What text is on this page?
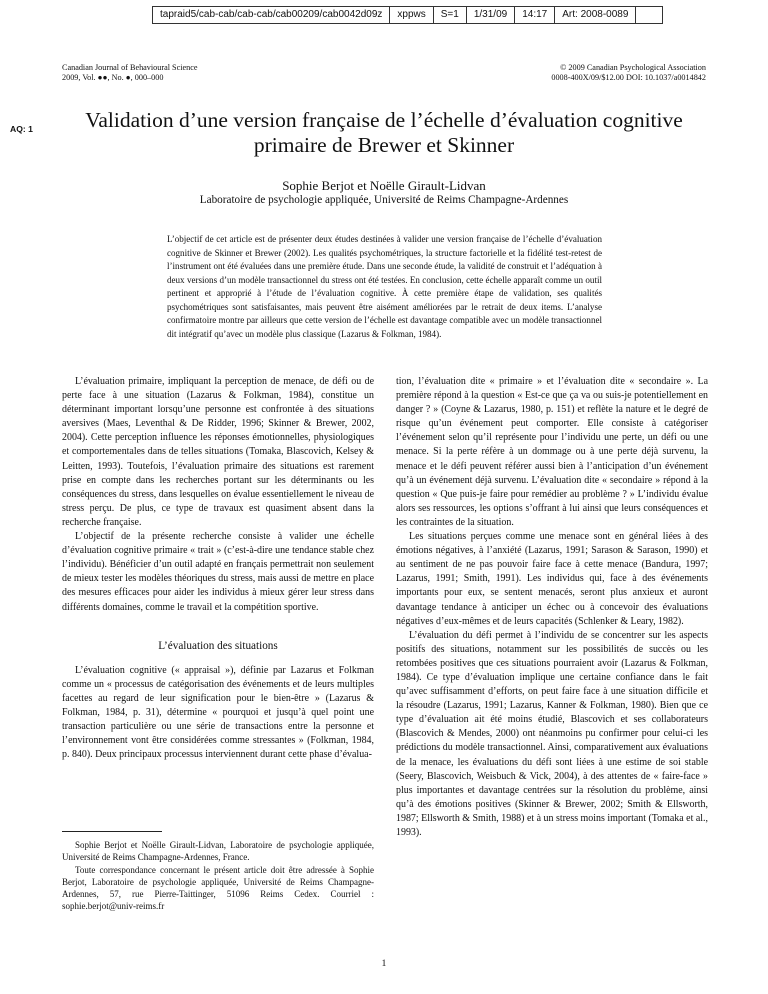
tapraid5/cab-cab/cab-cab/cab00209/cab0042d09z	xppws	S=1	1/31/09	14:17	Art: 2008-0089
Canadian Journal of Behavioural Science
2009, Vol. ●●, No. ●, 000–000
© 2009 Canadian Psychological Association
0008-400X/09/$12.00 DOI: 10.1037/a0014842
AQ: 1	Validation d’une version française de l’échelle d’évaluation cognitive primaire de Brewer et Skinner
Sophie Berjot et Noëlle Girault-Lidvan
Laboratoire de psychologie appliquée, Université de Reims Champagne-Ardennes

L’objectif de cet article est de présenter deux études destinées à valider une version française de l’échelle d’évaluation cognitive de Skinner et Brewer (2002). Les qualités psychométriques, la structure factorielle et la fidélité test-retest de l’instrument ont été évaluées dans une première étude. Dans une seconde étude, la validité de construit et l’adéquation à deux versions d’un modèle transactionnel du stress ont été testées. En conclusion, cette échelle apparaît comme un outil pertinent et approprié à l’étude de l’évaluation cognitive. À cette première étape de validation, ses qualités psychométriques sont satisfaisantes, mais peuvent être aisément améliorées par le retrait de deux items. L’analyse confirmatoire montre par ailleurs que cette version de l’échelle est davantage compatible avec un modèle transactionnel dit intégratif qu’avec un modèle plus classique (Lazarus & Folkman, 1984).

L’évaluation primaire, impliquant la perception de menace, de défi ou de perte face à une situation (Lazarus & Folkman, 1984), constitue un déterminant important lorsqu’une personne est confrontée à des situations aversives (Maes, Leventhal & De Ridder, 1996; Skinner & Brewer, 2002, 2004). Cette perception influence les réponses émotionnelles, physiologiques et comportementales dans de telles situations (Tomaka, Blascovich, Kelsey & Leitten, 1993). Toutefois, l’évaluation primaire des situations est rarement prise en compte dans les recherches portant sur les déterminants ou les conséquences du stress, dans lesquelles on évalue essentiellement le niveau de stress perçu. De plus, ce type de travaux est quasiment absent dans la recherche française.

L’objectif de la présente recherche consiste à valider une échelle d’évaluation cognitive primaire « trait » (c’est-à-dire une tendance stable chez l’individu). Bénéficier d’un outil adapté en français permettrait non seulement de mieux tester les modèles théoriques du stress, mais aussi de mettre en place des mesures efficaces pour aider les individus à mieux gérer leur stress dans différents domaines, comme le travail et la compétition sportive.

L’évaluation des situations

L’évaluation cognitive (« appraisal »), définie par Lazarus et Folkman comme un « processus de catégorisation des événements et de leurs multiples facettes au regard de leur signification pour le bien-être » (Lazarus & Folkman, 1984, p. 31), détermine « pourquoi et jusqu’à quel point une transaction particulière ou une série de transactions entre la personne et l’environnement vont être considérées comme stressantes » (Folkman, 1984, p. 840). Deux principaux processus interviennent durant cette phase d’évalua-

Sophie Berjot et Noëlle Girault-Lidvan, Laboratoire de psychologie appliquée, Université de Reims Champagne-Ardennes, France.

Toute correspondance concernant le présent article doit être adressée à Sophie Berjot, Laboratoire de psychologie appliquée, Université de Reims Champagne-Ardennes, 57, rue Pierre-Taittinger, 51096 Reims Cedex. Courriel : sophie.berjot@univ-reims.fr

tion, l’évaluation dite « primaire » et l’évaluation dite « secondaire ». La première répond à la question « Est-ce que ça va ou suis-je potentiellement en danger ? » (Coyne & Lazarus, 1980, p. 151) et reflète la nature et le degré de risque qu’un événement peut comporter. Elle consiste à catégoriser l’événement selon qu’il représente pour l’individu une perte, un défi ou une menace. Si la perte réfère à un dommage ou à une perte déjà survenu, la menace et le défi peuvent référer aussi bien à l’anticipation d’un événement qu’à un événement déjà survenu. L’évaluation dite « secondaire » répond à la question « Que puis-je faire pour remédier au problème ? » L’individu évalue alors ses ressources, les options s’offrant à lui ainsi que leurs conséquences et les contraintes de la situation.

Les situations perçues comme une menace sont en général liées à des émotions négatives, à l’anxiété (Lazarus, 1991; Sarason & Sarason, 1990) et au sentiment de ne pas pouvoir faire face à cette menace (Bandura, 1997; Lazarus, 1991; Smith, 1991). Les individus qui, face à des événements importants pour eux, se sentent menacés, seront plus anxieux et auront davantage tendance à anticiper un échec ou à concevoir des évaluations négatives d’eux-mêmes et de leurs capacités (Schlenker & Leary, 1982).

L’évaluation du défi permet à l’individu de se concentrer sur les aspects positifs des situations, notamment sur les possibilités de succès ou les retombées positives que ces situations pourraient avoir (Lazarus & Folkman, 1984). Ce type d’évaluation implique une certaine confiance dans le fait qu’avec suffisamment d’efforts, on peut faire face à une situation difficile et la résoudre (Lazarus, 1991; Lazarus, Kanner & Folkman, 1980). Bien que ce type d’évaluation ait été moins étudié, Blascovich et ses collaborateurs (Blascovich & Mendes, 2000) ont néanmoins pu confirmer pour celui-ci les prédictions du modèle transactionnel. Ainsi, comparativement aux évaluations de la menace, les évaluations du défi sont liées à une estime de soi stable (Seery, Blascovich, Weisbuch & Vick, 2004), à des attentes de « faire-face » plus importantes et davantage centrées sur la résolution du problème, ainsi qu’à des émotions positives (Skinner & Brewer, 2002; Smith & Ellsworth, 1987; Ellsworth & Smith, 1988) et à un stress moins important (Tomaka et al., 1993).

1
